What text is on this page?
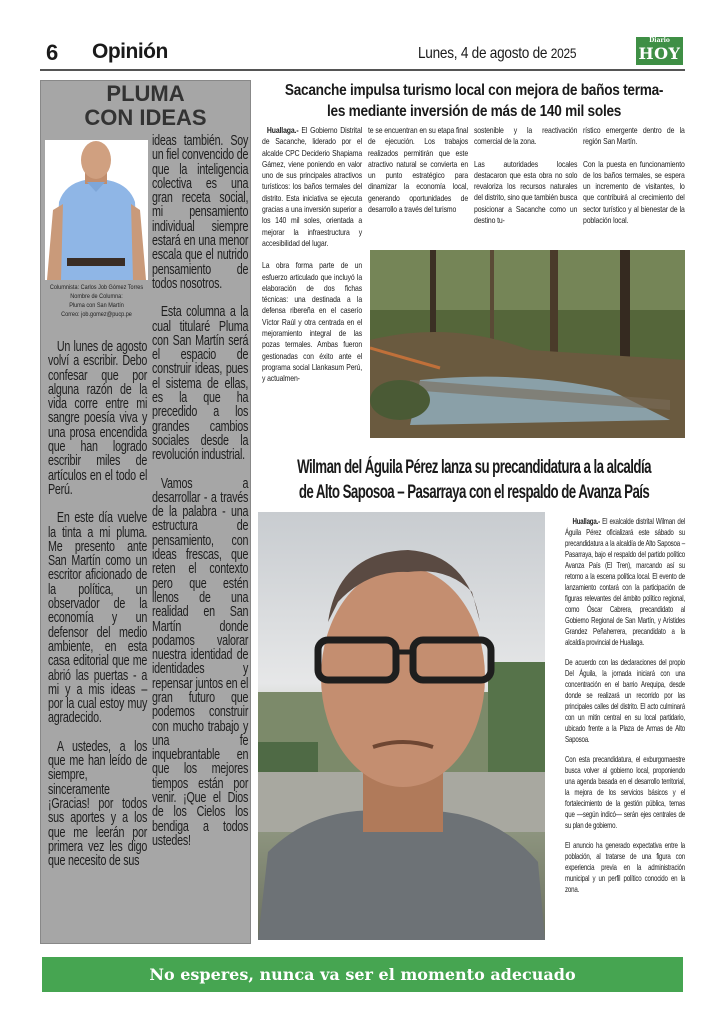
6 Opinión	Lunes, 4 de agosto de 2025
Diario
HOY
PLUMA
CON IDEAS
Columnista: Carlos Job Gómez Torres
Nombre de Columna:
Pluma con San Martín
Correo: job.gomez@pucp.pe

ideas también. Soy un fiel convencido de que la inteligencia colectiva es una gran receta social, mi pensamiento individual siempre estará en una menor escala que el nutrido pensamiento de todos nosotros.

Esta columna a la cual titularé Pluma con San Martín será el espacio de construir ideas, pues el sistema de ellas, es la que ha precedido a los grandes cambios sociales desde la revolución industrial.

Vamos a desarrollar - a través de la palabra - una estructura de pensamiento, con ideas frescas, que reten el contexto pero que estén llenos de una realidad en San Martín donde podamos valorar nuestra identidad de identidades y repensar juntos en el gran futuro que podemos construir con mucho trabajo y una fe inquebrantable en que los mejores tiempos están por venir. ¡Que el Dios de los Cielos los bendiga a todos ustedes!

Un lunes de agosto volví a escribir. Debo confesar que por alguna razón de la vida corre entre mi sangre poesía viva y una prosa encendida que han logrado escribir miles de artículos en el todo el Perú.

En este día vuelve la tinta a mi pluma. Me presento ante San Martín como un escritor aficionado de la política, un observador de la economía y un defensor del medio ambiente, en esta casa editorial que me abrió las puertas - a mi y a mis ideas – por la cual estoy muy agradecido.

A ustedes, a los que me han leído de siempre, sinceramente ¡Gracias! por todos sus aportes y a los que me leerán por primera vez les digo que necesito de sus

Sacanche impulsa turismo local con mejora de baños terma-
les mediante inversión de más de 140 mil soles

Huallaga.- El Gobierno Distrital de Sacanche, liderado por el alcalde CPC Deciderio Shapiama Gámez, viene poniendo en valor uno de sus principales atractivos turísticos: los baños termales del distrito. Esta iniciativa se ejecuta gracias a una inversión superior a los 140 mil soles, orientada a mejorar la infraestructura y accesibilidad del lugar.

La obra forma parte de un esfuerzo articulado que incluyó la elaboración de dos fichas técnicas: una destinada a la defensa ribereña en el caserío Víctor Raúl y otra centrada en el mejoramiento integral de las pozas termales. Ambas fueron gestionadas con éxito ante el programa social Llankasum Perú, y actualmen-

te se encuentran en su etapa final de ejecución. Los trabajos realizados permitirán que este atractivo natural se convierta en un punto estratégico para dinamizar la economía local, generando oportunidades de desarrollo a través del turismo

sostenible y la reactivación comercial de la zona.

Las autoridades locales destacaron que esta obra no solo revaloriza los recursos naturales del distrito, sino que también busca posicionar a Sacanche como un destino tu-

rístico emergente dentro de la región San Martín.

Con la puesta en funcionamiento de los baños termales, se espera un incremento de visitantes, lo que contribuirá al crecimiento del sector turístico y al bienestar de la población local.

Wilman del Águila Pérez lanza su precandidatura a la alcaldía
de Alto Saposoa – Pasarraya con el respaldo de Avanza País

Huallaga.- El exalcalde distrital Wilman del Águila Pérez oficializará este sábado su precandidatura a la alcaldía de Alto Saposoa – Pasarraya, bajo el respaldo del partido político Avanza País (El Tren), marcando así su retorno a la escena política local. El evento de lanzamiento contará con la participación de figuras relevantes del ámbito político regional, como Óscar Cabrera, precandidato al Gobierno Regional de San Martín, y Arístides Grandez Peñaherrera, precandidato a la alcaldía provincial de Huallaga.

De acuerdo con las declaraciones del propio Del Águila, la jornada iniciará con una concentración en el barrio Arequipa, desde donde se realizará un recorrido por las principales calles del distrito. El acto culminará con un mitin central en su local partidario, ubicado frente a la Plaza de Armas de Alto Saposoa.

Con esta precandidatura, el exburgomaestre busca volver al gobierno local, proponiendo una agenda basada en el desarrollo territorial, la mejora de los servicios básicos y el fortalecimiento de la gestión pública, temas que —según indicó— serán ejes centrales de su plan de gobierno.

El anuncio ha generado expectativa entre la población, al tratarse de una figura con experiencia previa en la administración municipal y un perfil político conocido en la zona.

No esperes, nunca va ser el momento adecuado
